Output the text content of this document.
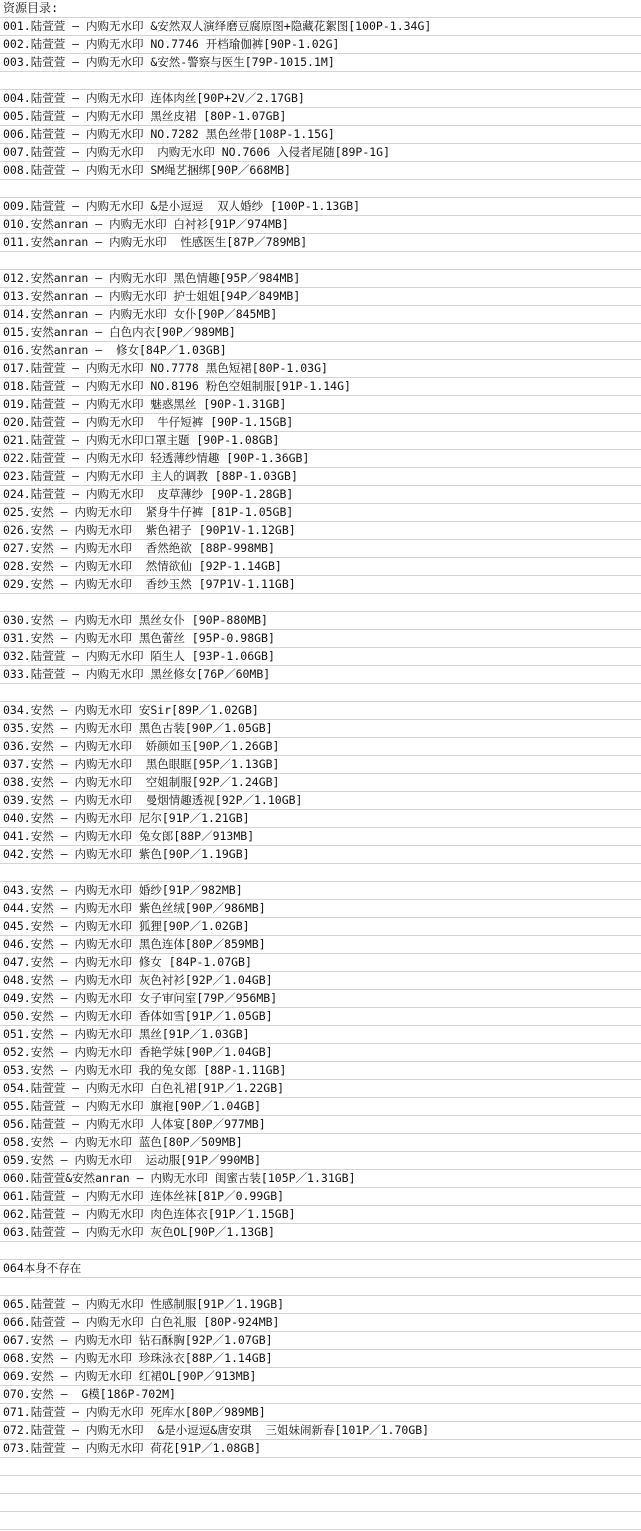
资源目录:
001.陆萱萱 – 内购无水印 &安然双人演绎磨豆腐原图+隐藏花絮图[100P-1.34G]
002.陆萱萱 – 内购无水印 NO.7746 开档瑜伽裤[90P-1.02G]
003.陆萱萱 – 内购无水印 &安然-警察与医生[79P-1015.1M]
004.陆萱萱 – 内购无水印 连体肉丝[90P+2V／2.17GB]
005.陆萱萱 – 内购无水印 黑丝皮裙 [80P-1.07GB]
006.陆萱萱 – 内购无水印 NO.7282 黑色丝带[108P-1.15G]
007.陆萱萱 – 内购无水印  内购无水印 NO.7606 入侵者尾随[89P-1G]
008.陆萱萱 – 内购无水印 SM绳艺捆绑[90P／668MB]
009.陆萱萱 – 内购无水印 &是小逗逗  双人婚纱 [100P-1.13GB]
010.安然anran – 内购无水印 白衬衫[91P／974MB]
011.安然anran – 内购无水印  性感医生[87P／789MB]
012.安然anran – 内购无水印 黑色情趣[95P／984MB]
013.安然anran – 内购无水印 护士姐姐[94P／849MB]
014.安然anran – 内购无水印 女仆[90P／845MB]
015.安然anran – 白色内衣[90P／989MB]
016.安然anran –  修女[84P／1.03GB]
017.陆萱萱 – 内购无水印 NO.7778 黑色短裙[80P-1.03G]
018.陆萱萱 – 内购无水印 NO.8196 粉色空姐制服[91P-1.14G]
019.陆萱萱 – 内购无水印 魅惑黑丝 [90P-1.31GB]
020.陆萱萱 – 内购无水印  牛仔短裤 [90P-1.15GB]
021.陆萱萱 – 内购无水印口罩主题 [90P-1.08GB]
022.陆萱萱 – 内购无水印 轻透薄纱情趣 [90P-1.36GB]
023.陆萱萱 – 内购无水印 主人的调教 [88P-1.03GB]
024.陆萱萱 – 内购无水印  皮草薄纱 [90P-1.28GB]
025.安然 – 内购无水印  紧身牛仔裤 [81P-1.05GB]
026.安然 – 内购无水印  紫色裙子 [90P1V-1.12GB]
027.安然 – 内购无水印  香然绝欲 [88P-998MB]
028.安然 – 内购无水印  然情欲仙 [92P-1.14GB]
029.安然 – 内购无水印  香纱玉然 [97P1V-1.11GB]
030.安然 – 内购无水印 黑丝女仆 [90P-880MB]
031.安然 – 内购无水印 黑色蕾丝 [95P-0.98GB]
032.陆萱萱 – 内购无水印 陌生人 [93P-1.06GB]
033.陆萱萱 – 内购无水印 黑丝修女[76P／60MB]
034.安然 – 内购无水印 安Sir[89P／1.02GB]
035.安然 – 内购无水印 黑色古装[90P／1.05GB]
036.安然 – 内购无水印  娇颜如玉[90P／1.26GB]
037.安然 – 内购无水印  黑色眼眶[95P／1.13GB]
038.安然 – 内购无水印  空姐制服[92P／1.24GB]
039.安然 – 内购无水印  曼烟情趣透视[92P／1.10GB]
040.安然 – 内购无水印 尼尔[91P／1.21GB]
041.安然 – 内购无水印 兔女郎[88P／913MB]
042.安然 – 内购无水印 紫色[90P／1.19GB]
043.安然 – 内购无水印 婚纱[91P／982MB]
044.安然 – 内购无水印 紫色丝绒[90P／986MB]
045.安然 – 内购无水印 狐狸[90P／1.02GB]
046.安然 – 内购无水印 黑色连体[80P／859MB]
047.安然 – 内购无水印 修女 [84P-1.07GB]
048.安然 – 内购无水印 灰色衬衫[92P／1.04GB]
049.安然 – 内购无水印 女子审问室[79P／956MB]
050.安然 – 内购无水印 香体如雪[91P／1.05GB]
051.安然 – 内购无水印 黑丝[91P／1.03GB]
052.安然 – 内购无水印 香艳学妹[90P／1.04GB]
053.安然 – 内购无水印 我的兔女郎 [88P-1.11GB]
054.陆萱萱 – 内购无水印 白色礼裙[91P／1.22GB]
055.陆萱萱 – 内购无水印 旗袍[90P／1.04GB]
056.陆萱萱 – 内购无水印 人体宴[80P／977MB]
058.安然 – 内购无水印 蓝色[80P／509MB]
059.安然 – 内购无水印  运动服[91P／990MB]
060.陆萱萱&安然anran – 内购无水印 闺蜜古装[105P／1.31GB]
061.陆萱萱 – 内购无水印 连体丝袜[81P／0.99GB]
062.陆萱萱 – 内购无水印 肉色连体衣[91P／1.15GB]
063.陆萱萱 – 内购无水印 灰色OL[90P／1.13GB]
064本身不存在
065.陆萱萱 – 内购无水印 性感制服[91P／1.19GB]
066.陆萱萱 – 内购无水印 白色礼服 [80P-924MB]
067.安然 – 内购无水印 钻石酥胸[92P／1.07GB]
068.安然 – 内购无水印 珍珠泳衣[88P／1.14GB]
069.安然 – 内购无水印 红裙OL[90P／913MB]
070.安然 –  G模[186P-702M]
071.陆萱萱 – 内购无水印 死库水[80P／989MB]
072.陆萱萱 – 内购无水印  &是小逗逗&唐安琪  三姐妹闹新春[101P／1.70GB]
073.陆萱萱 – 内购无水印 荷花[91P／1.08GB]
